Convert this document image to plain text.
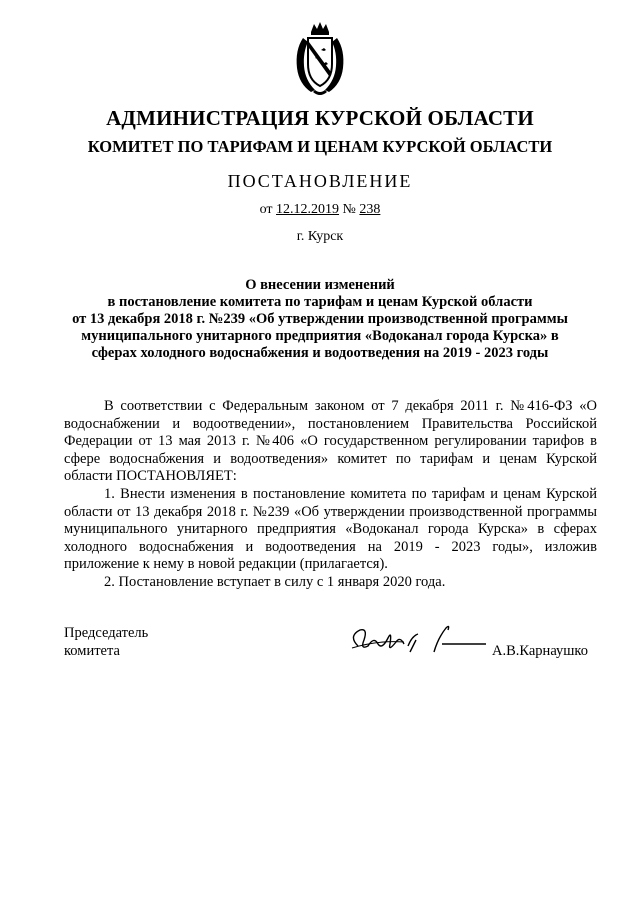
АДМИНИСТРАЦИЯ КУРСКОЙ ОБЛАСТИ
КОМИТЕТ ПО ТАРИФАМ И ЦЕНАМ КУРСКОЙ ОБЛАСТИ
ПОСТАНОВЛЕНИЕ
от 12.12.2019 № 238
г. Курск
О внесении изменений
в постановление комитета по тарифам и ценам Курской области
от 13 декабря 2018 г. №239 «Об утверждении производственной программы
муниципального унитарного предприятия «Водоканал города Курска» в
сферах холодного водоснабжения и водоотведения на 2019 - 2023 годы

В соответствии с Федеральным законом от 7 декабря 2011 г. №416-ФЗ «О водоснабжении и водоотведении», постановлением Правительства Российской Федерации от 13 мая 2013 г. №406 «О государственном регулировании тарифов в сфере водоснабжения и водоотведения» комитет по тарифам и ценам Курской области ПОСТАНОВЛЯЕТ:

1. Внести изменения в постановление комитета по тарифам и ценам Курской области от 13 декабря 2018 г. №239 «Об утверждении производственной программы муниципального унитарного предприятия «Водоканал города Курска» в сферах холодного водоснабжения и водоотведения на 2019 - 2023 годы», изложив приложение к нему в новой редакции (прилагается).

2. Постановление вступает в силу с 1 января 2020 года.

Председатель
комитета	А.В.Карнаушко
